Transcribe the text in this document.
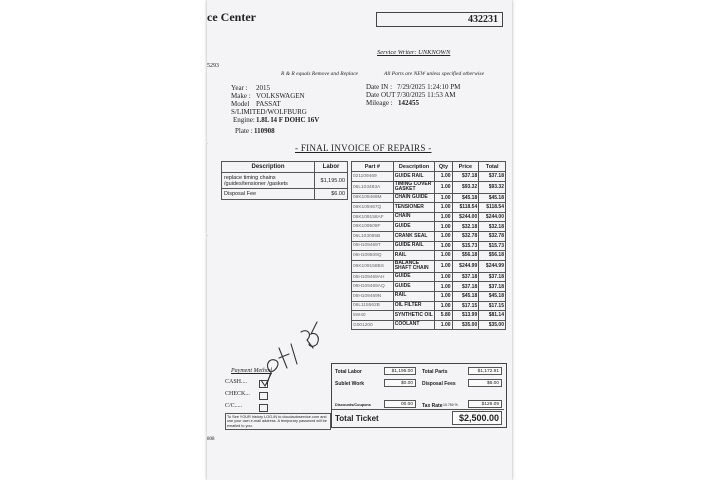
ce Center	432231
Service Writer: UNKNOWN
5293
R & R equals Remove and Replace	All Parts are NEW unless specified otherwise
Year : 2015
Make : VOLKSWAGEN
Model PASSAT
S/LIMITED/WOLFBURG
Engine: 1.8L I4 F DOHC 16V
Plate : 110908
Date IN : 7/29/2025 1:24:10 PM
Date OUT :
7/30/2025 11:53 AM
Mileage : 142455
- FINAL INVOICE OF REPAIRS -
Description	Labor
replace timing chains /guides/tensioner /gaskets	$1,195.00
Disposal Fee	$6.00
Part #	Description	Qty	Price	Total
021109469	GUIDE RAIL	1.00	$37.18	$37.18
06L103483A	TIMING COVER GASKET	1.00	$93.32	$93.32
06K109469M	CHAIN GUIDE	1.00	$45.18	$45.18
06K109467Q	TENSIONER	1.00	$118.54	$118.54
06K109158AF	CHAIN	1.00	$244.00	$244.00
06K109509F	GUIDE	1.00	$32.18	$32.18
06L103085B	CRANK SEAL	1.00	$32.78	$32.78
06H109469T	GUIDE RAIL	1.00	$15.73	$15.73
06H109509Q	RAIL	1.00	$56.18	$56.18
06K109158BS	BALANCE SHAFT CHAIN	1.00	$244.99	$244.99
06H109469AH	GUIDE	1.00	$37.18	$37.18
06H109469AQ	GUIDE	1.00	$37.18	$37.18
06H109469N	RAIL	1.00	$45.18	$45.18
06L115562B	OIL FILTER	1.00	$17.15	$17.15
5W40	SYNTHETIC OIL	5.80	$13.99	$81.14
G001200	COOLANT	1.00	$35.00	$35.00
Total Labor	$1,195.00	Total Parts	$1,172.91
Sublet Work	$0.00	Disposal Fees	$6.00
Discounts/Coupons	00.00	Tax Rate 10.750 %	$126.09
Total Ticket	$2,500.00
Payment Method
CASH....
CHECK...
C/C.....
To See YOUR history LOG-IN to cloudautoservice.com and use your own e-mail address. A temporary password will be emailed to you.
808
.
.
